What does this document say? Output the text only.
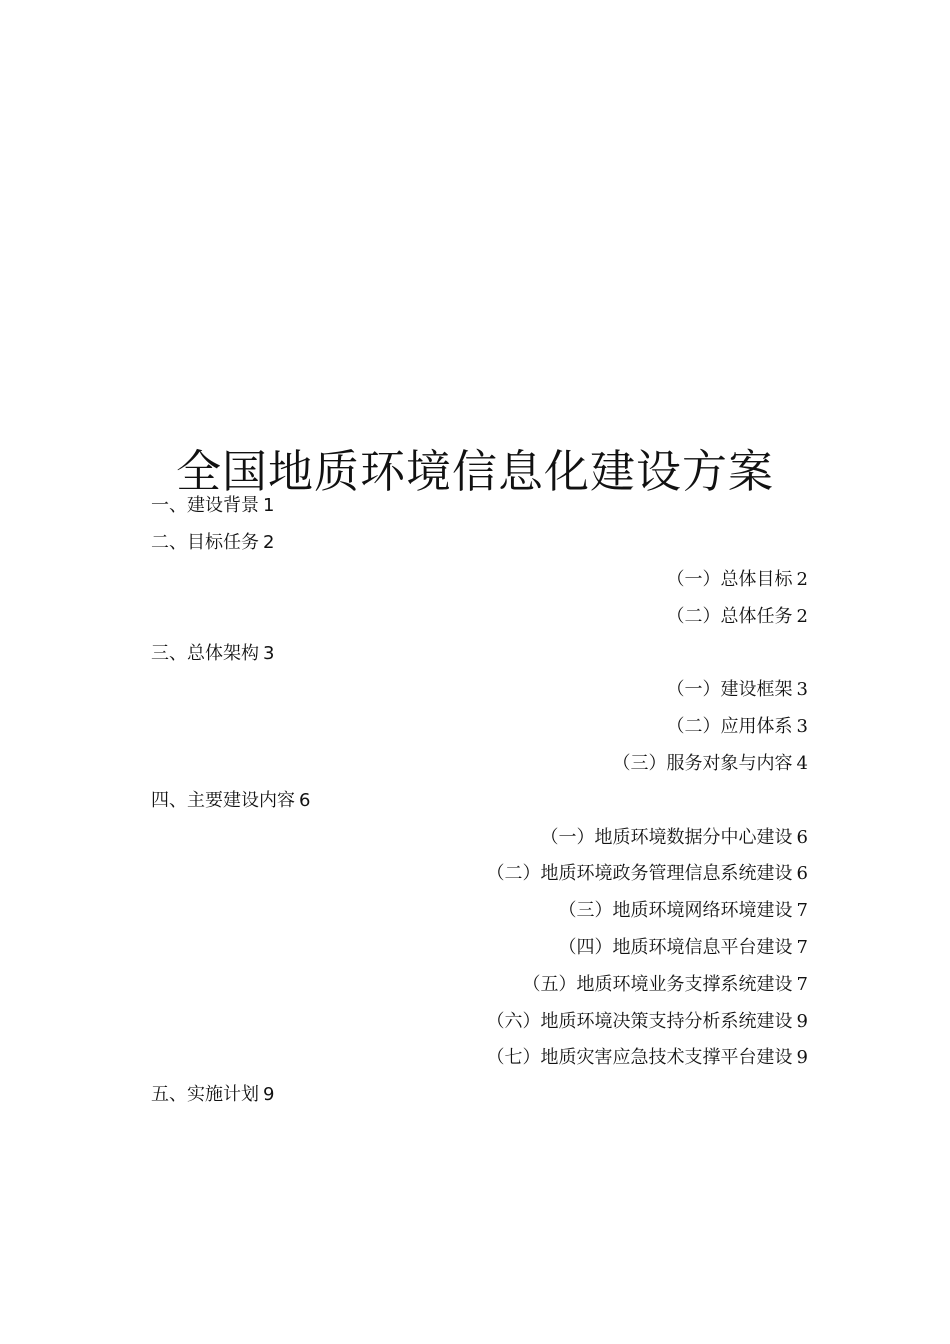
全国地质环境信息化建设方案
一、建设背景 1
二、目标任务 2
（一）总体目标 2
（二）总体任务 2
三、总体架构 3
（一）建设框架 3
（二）应用体系 3
（三）服务对象与内容 4
四、主要建设内容 6
（一）地质环境数据分中心建设 6
（二）地质环境政务管理信息系统建设 6
（三）地质环境网络环境建设 7
（四）地质环境信息平台建设 7
（五）地质环境业务支撑系统建设 7
（六）地质环境决策支持分析系统建设 9
（七）地质灾害应急技术支撑平台建设 9
五、实施计划 9
